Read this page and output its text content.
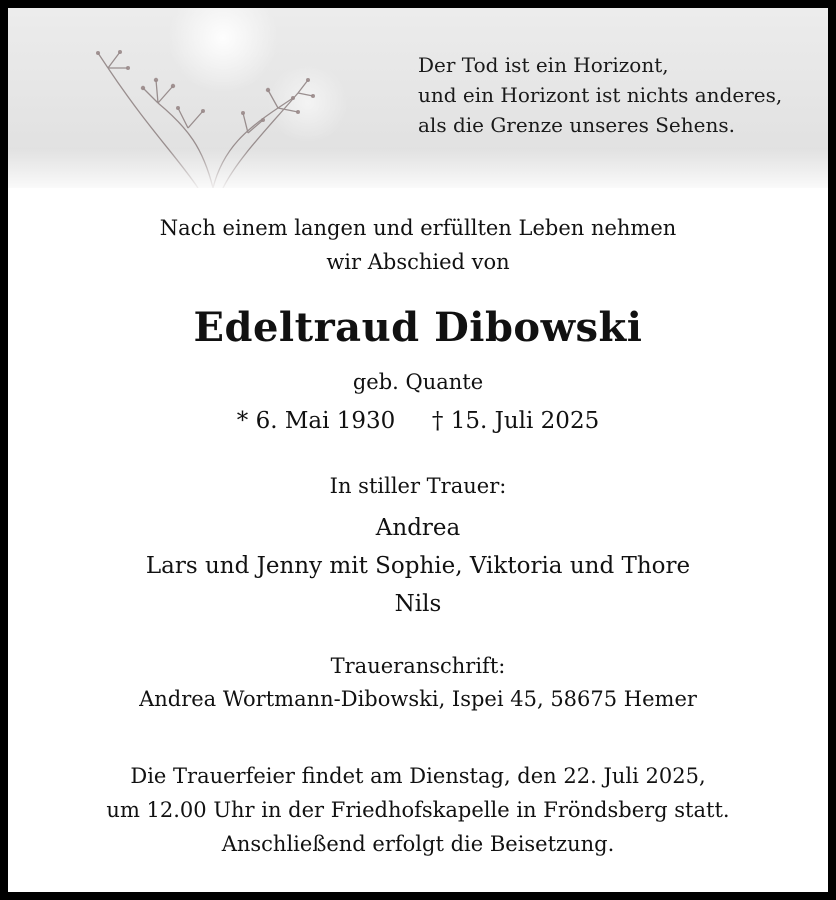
Der Tod ist ein Horizont,
und ein Horizont ist nichts anderes,
als die Grenze unseres Sehens.
Nach einem langen und erfüllten Leben nehmen
wir Abschied von
Edeltraud Dibowski
geb. Quante
* 6. Mai 1930 † 15. Juli 2025
In stiller Trauer:
Andrea
Lars und Jenny mit Sophie, Viktoria und Thore
Nils
Traueranschrift:
Andrea Wortmann-Dibowski, Ispei 45, 58675 Hemer
Die Trauerfeier findet am Dienstag, den 22. Juli 2025,
um 12.00 Uhr in der Friedhofskapelle in Fröndsberg statt.
Anschließend erfolgt die Beisetzung.
